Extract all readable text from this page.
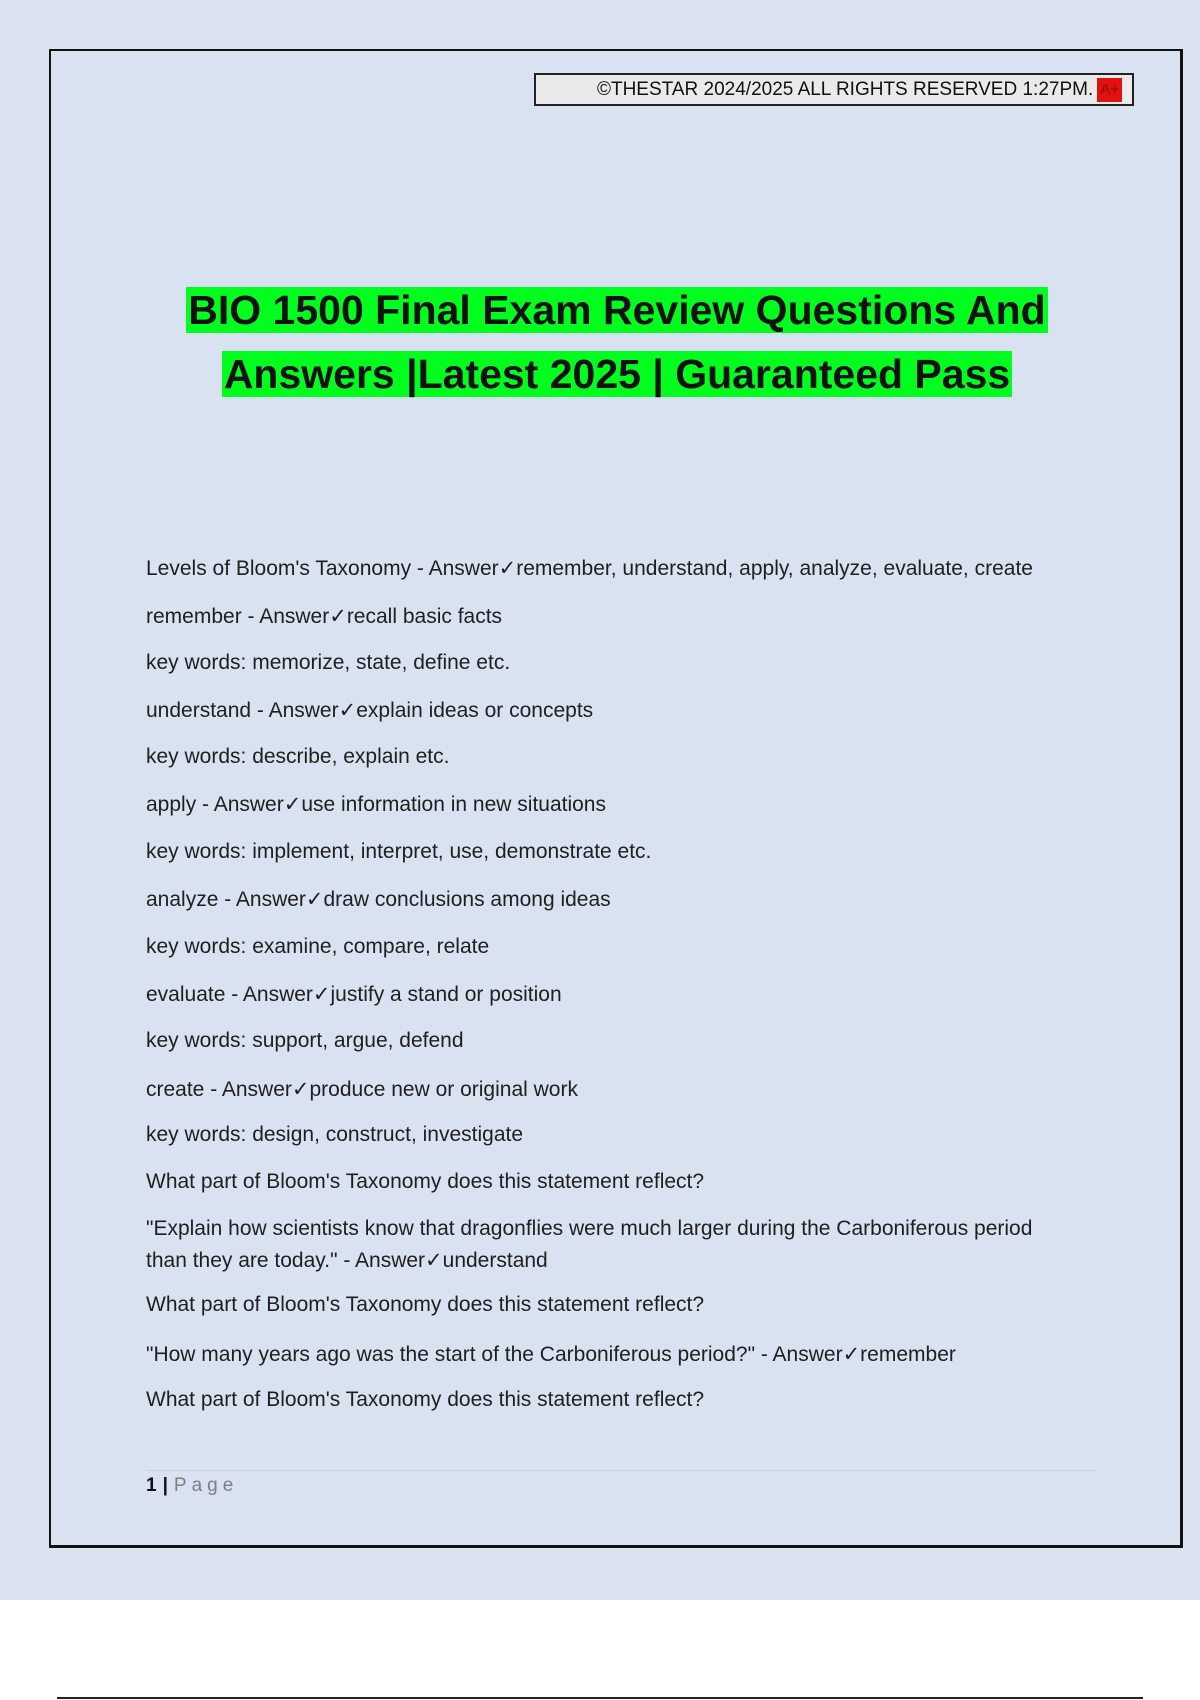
©THESTAR 2024/2025 ALL RIGHTS RESERVED 1:27PM. A+
BIO 1500 Final Exam Review Questions And
Answers |Latest 2025 | Guaranteed Pass
Levels of Bloom's Taxonomy - Answer✓remember, understand, apply, analyze, evaluate, create
remember - Answer✓recall basic facts
key words: memorize, state, define etc.
understand - Answer✓explain ideas or concepts
key words: describe, explain etc.
apply - Answer✓use information in new situations
key words: implement, interpret, use, demonstrate etc.
analyze - Answer✓draw conclusions among ideas
key words: examine, compare, relate
evaluate - Answer✓justify a stand or position
key words: support, argue, defend
create - Answer✓produce new or original work
key words: design, construct, investigate
What part of Bloom's Taxonomy does this statement reflect?
"Explain how scientists know that dragonflies were much larger during the Carboniferous period than they are today." - Answer✓understand
What part of Bloom's Taxonomy does this statement reflect?
"How many years ago was the start of the Carboniferous period?" - Answer✓remember
What part of Bloom's Taxonomy does this statement reflect?
1 | Page
